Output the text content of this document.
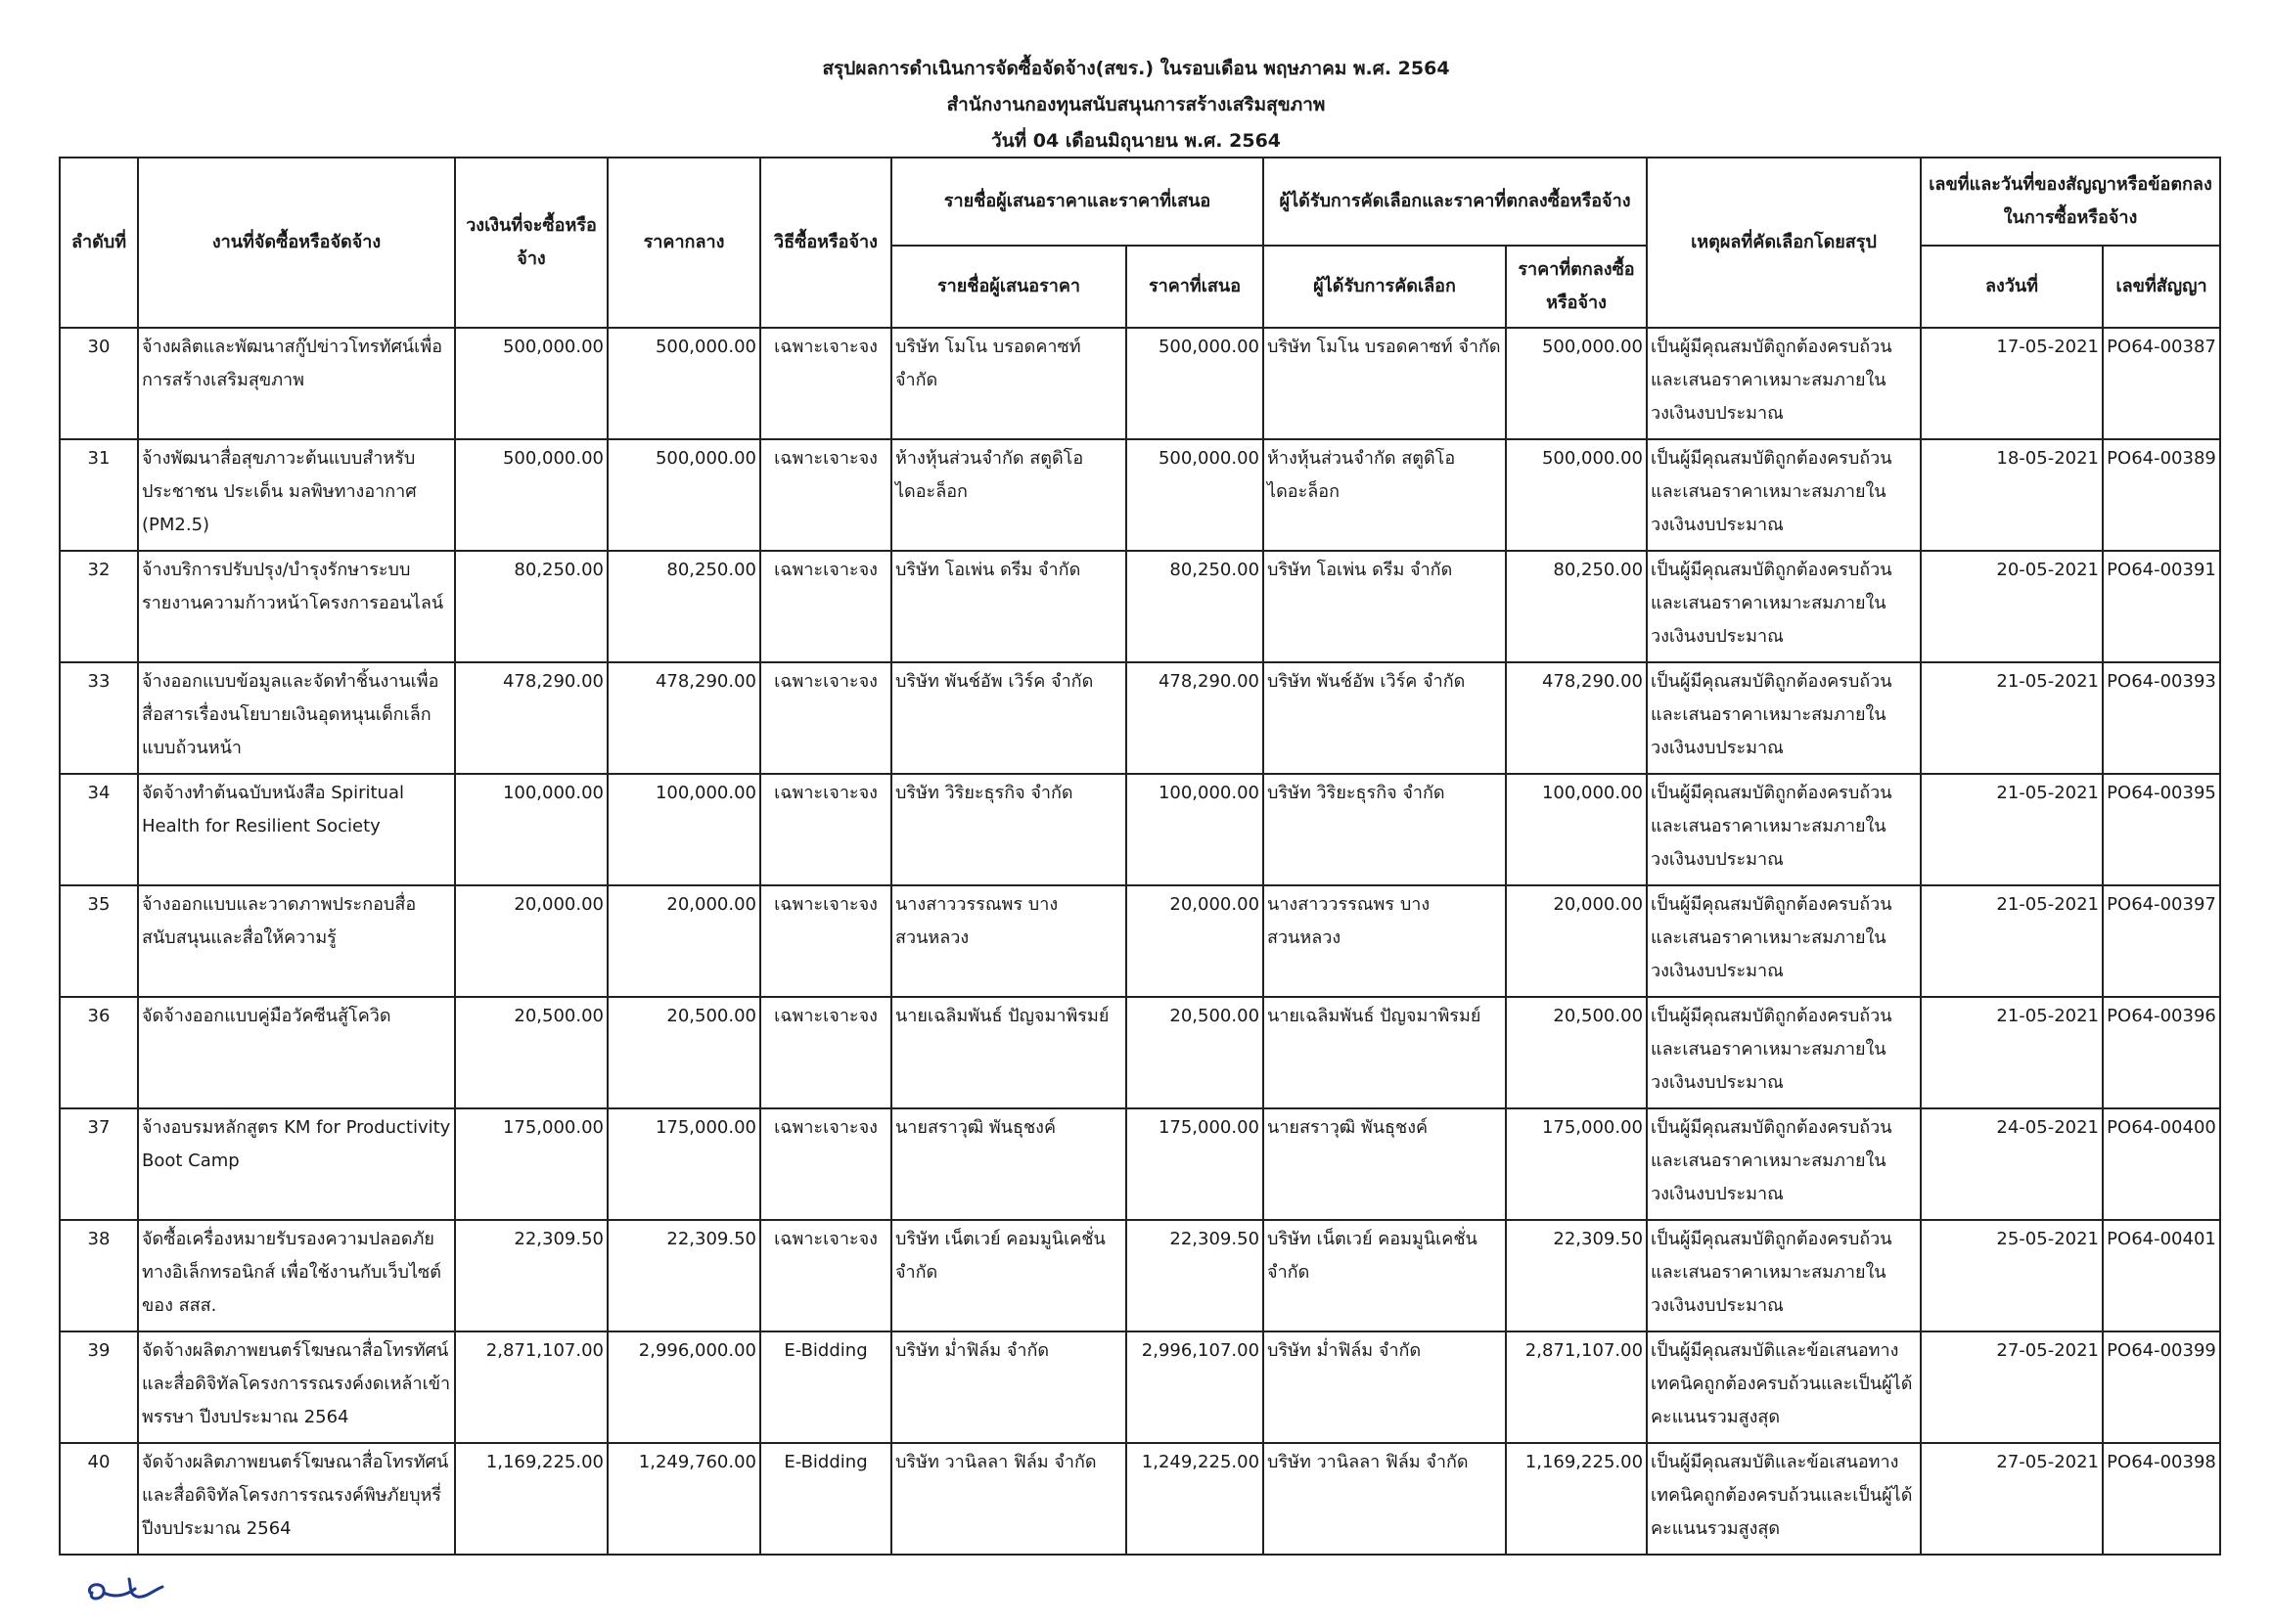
สรุปผลการดำเนินการจัดซื้อจัดจ้าง(สขร.) ในรอบเดือน พฤษภาคม พ.ศ. 2564
สำนักงานกองทุนสนับสนุนการสร้างเสริมสุขภาพ
วันที่ 04 เดือนมิถุนายน พ.ศ. 2564
ลำดับที่	งานที่จัดซื้อหรือจัดจ้าง	วงเงินที่จะซื้อหรือจ้าง	ราคากลาง	วิธีซื้อหรือจ้าง	รายชื่อผู้เสนอราคาและราคาที่เสนอ		ผู้ได้รับการคัดเลือกและราคาที่ตกลงซื้อหรือจ้าง		เหตุผลที่คัดเลือกโดยสรุป	เลขที่และวันที่ของสัญญาหรือข้อตกลงในการซื้อหรือจ้าง	
					รายชื่อผู้เสนอราคา	ราคาที่เสนอ	ผู้ได้รับการคัดเลือก	ราคาที่ตกลงซื้อหรือจ้าง		ลงวันที่	เลขที่สัญญา
30	จ้างผลิตและพัฒนาสกู๊ปข่าวโทรทัศน์เพื่อการสร้างเสริมสุขภาพ	500,000.00	500,000.00	เฉพาะเจาะจง	บริษัท โมโน บรอดคาซท์ จำกัด	500,000.00	บริษัท โมโน บรอดคาซท์ จำกัด	500,000.00	เป็นผู้มีคุณสมบัติถูกต้องครบถ้วนและเสนอราคาเหมาะสมภายในวงเงินงบประมาณ	17-05-2021	PO64-00387
31	จ้างพัฒนาสื่อสุขภาวะต้นแบบสำหรับประชาชน ประเด็น มลพิษทางอากาศ (PM2.5)	500,000.00	500,000.00	เฉพาะเจาะจง	ห้างหุ้นส่วนจำกัด สตูดิโอ ไดอะล็อก	500,000.00	ห้างหุ้นส่วนจำกัด สตูดิโอ ไดอะล็อก	500,000.00	เป็นผู้มีคุณสมบัติถูกต้องครบถ้วนและเสนอราคาเหมาะสมภายในวงเงินงบประมาณ	18-05-2021	PO64-00389
32	จ้างบริการปรับปรุง/บำรุงรักษาระบบรายงานความก้าวหน้าโครงการออนไลน์	80,250.00	80,250.00	เฉพาะเจาะจง	บริษัท โอเพ่น ดรีม จำกัด	80,250.00	บริษัท โอเพ่น ดรีม จำกัด	80,250.00	เป็นผู้มีคุณสมบัติถูกต้องครบถ้วนและเสนอราคาเหมาะสมภายในวงเงินงบประมาณ	20-05-2021	PO64-00391
33	จ้างออกแบบข้อมูลและจัดทำชิ้นงานเพื่อสื่อสารเรื่องนโยบายเงินอุดหนุนเด็กเล็กแบบถ้วนหน้า	478,290.00	478,290.00	เฉพาะเจาะจง	บริษัท พันช์อัพ เวิร์ค จำกัด	478,290.00	บริษัท พันช์อัพ เวิร์ค จำกัด	478,290.00	เป็นผู้มีคุณสมบัติถูกต้องครบถ้วนและเสนอราคาเหมาะสมภายในวงเงินงบประมาณ	21-05-2021	PO64-00393
34	จัดจ้างทำต้นฉบับหนังสือ Spiritual Health for Resilient Society	100,000.00	100,000.00	เฉพาะเจาะจง	บริษัท วิริยะธุรกิจ จำกัด	100,000.00	บริษัท วิริยะธุรกิจ จำกัด	100,000.00	เป็นผู้มีคุณสมบัติถูกต้องครบถ้วนและเสนอราคาเหมาะสมภายในวงเงินงบประมาณ	21-05-2021	PO64-00395
35	จ้างออกแบบและวาดภาพประกอบสื่อสนับสนุนและสื่อให้ความรู้	20,000.00	20,000.00	เฉพาะเจาะจง	นางสาววรรณพร บางสวนหลวง	20,000.00	นางสาววรรณพร บางสวนหลวง	20,000.00	เป็นผู้มีคุณสมบัติถูกต้องครบถ้วนและเสนอราคาเหมาะสมภายในวงเงินงบประมาณ	21-05-2021	PO64-00397
36	จัดจ้างออกแบบคู่มือวัคซีนสู้โควิด	20,500.00	20,500.00	เฉพาะเจาะจง	นายเฉลิมพันธ์ ปัญจมาพิรมย์	20,500.00	นายเฉลิมพันธ์ ปัญจมาพิรมย์	20,500.00	เป็นผู้มีคุณสมบัติถูกต้องครบถ้วนและเสนอราคาเหมาะสมภายในวงเงินงบประมาณ	21-05-2021	PO64-00396
37	จ้างอบรมหลักสูตร KM for Productivity Boot Camp	175,000.00	175,000.00	เฉพาะเจาะจง	นายสราวุฒิ พันธุชงค์	175,000.00	นายสราวุฒิ พันธุชงค์	175,000.00	เป็นผู้มีคุณสมบัติถูกต้องครบถ้วนและเสนอราคาเหมาะสมภายในวงเงินงบประมาณ	24-05-2021	PO64-00400
38	จัดซื้อเครื่องหมายรับรองความปลอดภัยทางอิเล็กทรอนิกส์ เพื่อใช้งานกับเว็บไซต์ของ สสส.	22,309.50	22,309.50	เฉพาะเจาะจง	บริษัท เน็ตเวย์ คอมมูนิเคชั่น จำกัด	22,309.50	บริษัท เน็ตเวย์ คอมมูนิเคชั่น จำกัด	22,309.50	เป็นผู้มีคุณสมบัติถูกต้องครบถ้วนและเสนอราคาเหมาะสมภายในวงเงินงบประมาณ	25-05-2021	PO64-00401
39	จัดจ้างผลิตภาพยนตร์โฆษณาสื่อโทรทัศน์และสื่อดิจิทัลโครงการรณรงค์งดเหล้าเข้าพรรษา ปีงบประมาณ 2564	2,871,107.00	2,996,000.00	E-Bidding	บริษัท ม่ำฟิล์ม จำกัด	2,996,107.00	บริษัท ม่ำฟิล์ม จำกัด	2,871,107.00	เป็นผู้มีคุณสมบัติและข้อเสนอทางเทคนิคถูกต้องครบถ้วนและเป็นผู้ได้คะแนนรวมสูงสุด	27-05-2021	PO64-00399
40	จัดจ้างผลิตภาพยนตร์โฆษณาสื่อโทรทัศน์และสื่อดิจิทัลโครงการรณรงค์พิษภัยบุหรี่ ปีงบประมาณ 2564	1,169,225.00	1,249,760.00	E-Bidding	บริษัท วานิลลา ฟิล์ม จำกัด	1,249,225.00	บริษัท วานิลลา ฟิล์ม จำกัด	1,169,225.00	เป็นผู้มีคุณสมบัติและข้อเสนอทางเทคนิคถูกต้องครบถ้วนและเป็นผู้ได้คะแนนรวมสูงสุด	27-05-2021	PO64-00398
